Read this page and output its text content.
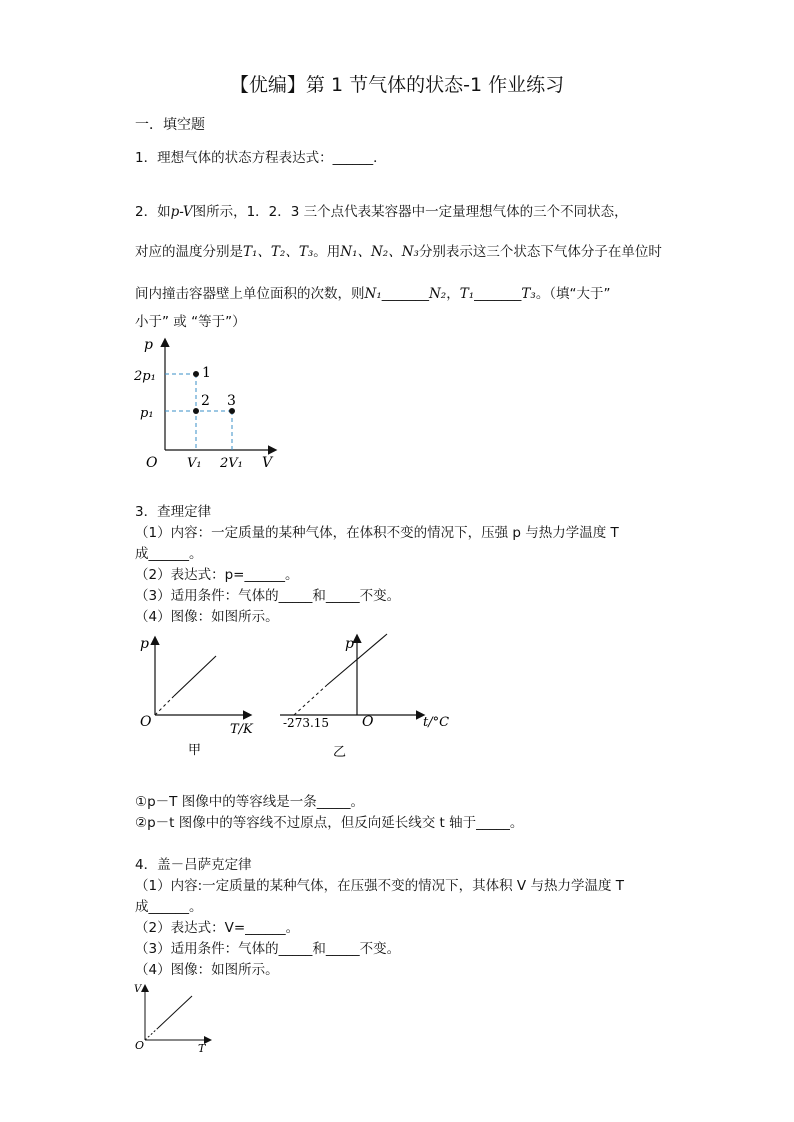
【优编】第 1 节气体的状态-1 作业练习
一．填空题
1．理想气体的状态方程表达式：______．
2．如p-V图所示，1．2．3 三个点代表某容器中一定量理想气体的三个不同状态，
对应的温度分别是T₁、T₂、T₃。用N₁、N₂、N₃分别表示这三个状态下气体分子在单位时
间内撞击容器壁上单位面积的次数，则N₁_______N₂，T₁_______T₃。（填“大于”
小于” 或 “等于”）
p
V
O
2p₁
p₁
V₁ 2V₁
1
2 3
3．查理定律
（1）内容：一定质量的某种气体，在体积不变的情况下，压强 p 与热力学温度 T
成______。
（2）表达式：p=______。
（3）适用条件：气体的_____和_____不变。
（4）图像：如图所示。
p
O	T/K
甲
p
O
-273.15	t/°C
乙
①p－T 图像中的等容线是一条_____。
②p－t 图像中的等容线不过原点，但反向延长线交 t 轴于_____。
4．盖－吕萨克定律
（1）内容:一定质量的某种气体，在压强不变的情况下，其体积 V 与热力学温度 T
成______。
（2）表达式：V=______。
（3）适用条件：气体的_____和_____不变。
（4）图像：如图所示。
V
O	T
